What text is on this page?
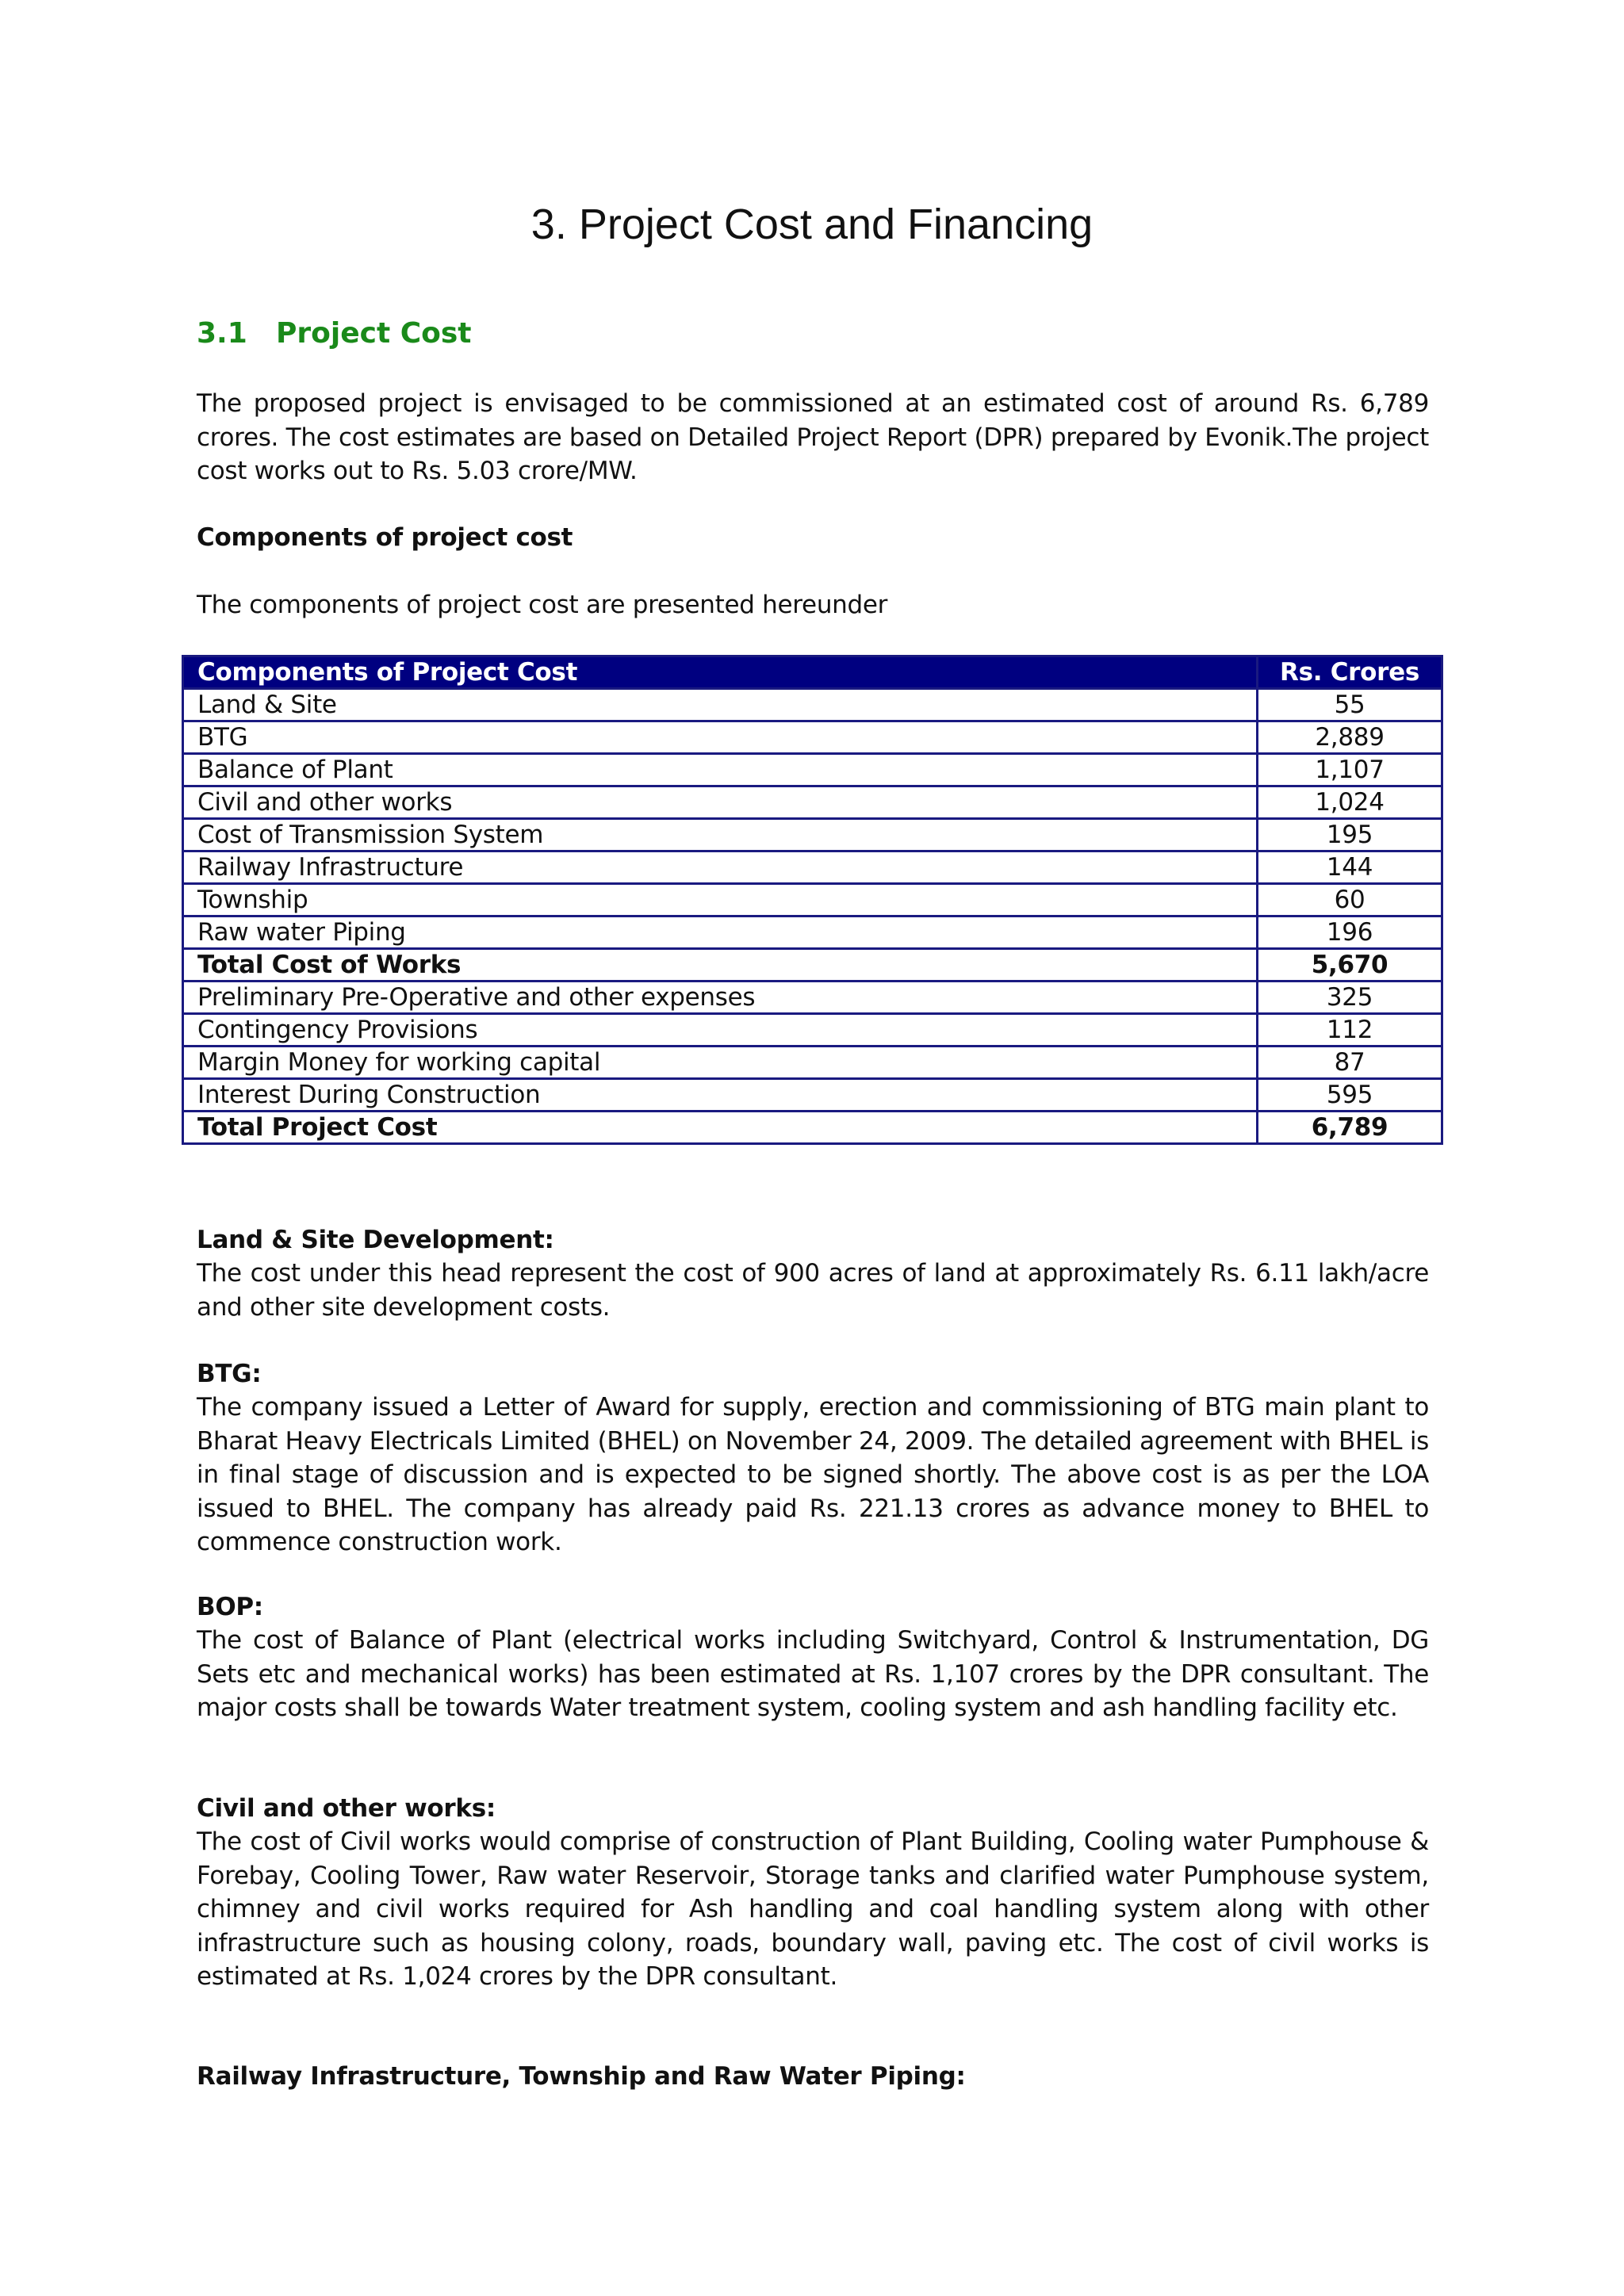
3. Project Cost and Financing
3.1 Project Cost
The proposed project is envisaged to be commissioned at an estimated cost of around Rs. 6,789 crores. The cost estimates are based on Detailed Project Report (DPR) prepared by Evonik.The project cost works out to Rs. 5.03 crore/MW.
Components of project cost
The components of project cost are presented hereunder
Components of Project Cost	Rs. Crores
Land & Site	55
BTG	2,889
Balance of Plant	1,107
Civil and other works	1,024
Cost of Transmission System	195
Railway Infrastructure	144
Township	60
Raw water Piping	196
Total Cost of Works	5,670
Preliminary Pre-Operative and other expenses	325
Contingency Provisions	112
Margin Money for working capital	87
Interest During Construction	595
Total Project Cost	6,789
Land & Site Development:
The cost under this head represent the cost of 900 acres of land at approximately Rs. 6.11 lakh/acre and other site development costs.
BTG:
The company issued a Letter of Award for supply, erection and commissioning of BTG main plant to Bharat Heavy Electricals Limited (BHEL) on November 24, 2009. The detailed agreement with BHEL is in final stage of discussion and is expected to be signed shortly. The above cost is as per the LOA issued to BHEL. The company has already paid Rs. 221.13 crores as advance money to BHEL to commence construction work.
BOP:
The cost of Balance of Plant (electrical works including Switchyard, Control & Instrumentation, DG Sets etc and mechanical works) has been estimated at Rs. 1,107 crores by the DPR consultant. The major costs shall be towards Water treatment system, cooling system and ash handling facility etc.
Civil and other works:
The cost of Civil works would comprise of construction of Plant Building, Cooling water Pumphouse & Forebay, Cooling Tower, Raw water Reservoir, Storage tanks and clarified water Pumphouse system, chimney and civil works required for Ash handling and coal handling system along with other infrastructure such as housing colony, roads, boundary wall, paving etc. The cost of civil works is estimated at Rs. 1,024 crores by the DPR consultant.
Railway Infrastructure, Township and Raw Water Piping:
